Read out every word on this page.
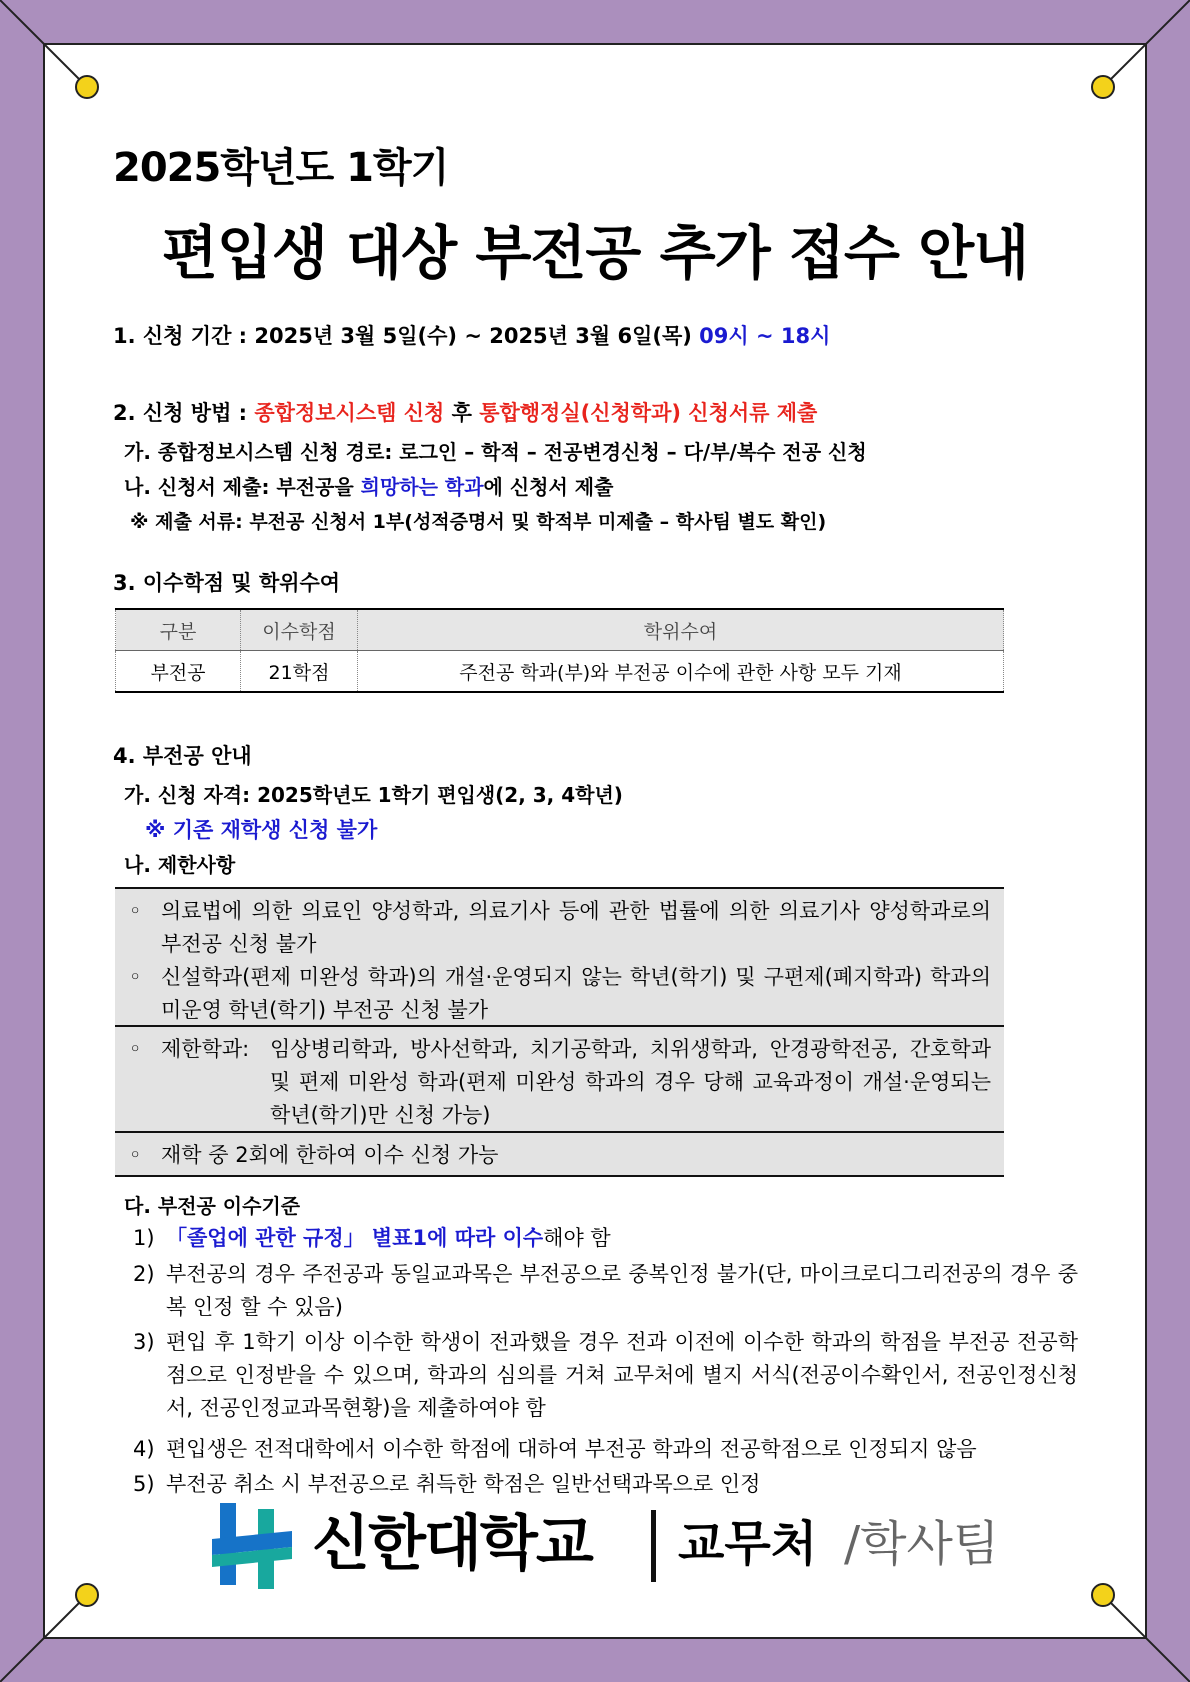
2025학년도 1학기
편입생 대상 부전공 추가 접수 안내
1. 신청 기간 : 2025년 3월 5일(수) ~ 2025년 3월 6일(목) 09시 ~ 18시
2. 신청 방법 : 종합정보시스템 신청 후 통합행정실(신청학과) 신청서류 제출
가. 종합정보시스템 신청 경로: 로그인 – 학적 – 전공변경신청 – 다/부/복수 전공 신청
나. 신청서 제출: 부전공을 희망하는 학과에 신청서 제출
※ 제출 서류: 부전공 신청서 1부(성적증명서 및 학적부 미제출 – 학사팀 별도 확인)
3. 이수학점 및 학위수여
구분	이수학점	학위수여
부전공	21학점	주전공 학과(부)와 부전공 이수에 관한 사항 모두 기재
4. 부전공 안내
가. 신청 자격: 2025학년도 1학기 편입생(2, 3, 4학년)
※ 기존 재학생 신청 불가
나. 제한사항
◦ 의료법에 의한 의료인 양성학과, 의료기사 등에 관한 법률에 의한 의료기사 양성학과로의 부전공 신청 불가
◦ 신설학과(편제 미완성 학과)의 개설·운영되지 않는 학년(학기) 및 구편제(폐지학과) 학과의 미운영 학년(학기) 부전공 신청 불가
◦ 제한학과: 임상병리학과, 방사선학과, 치기공학과, 치위생학과, 안경광학전공, 간호학과 및 편제 미완성 학과(편제 미완성 학과의 경우 당해 교육과정이 개설·운영되는 학년(학기)만 신청 가능)
◦ 재학 중 2회에 한하여 이수 신청 가능
다. 부전공 이수기준
1) 「졸업에 관한 규정」 별표1에 따라 이수해야 함
2) 부전공의 경우 주전공과 동일교과목은 부전공으로 중복인정 불가(단, 마이크로디그리전공의 경우 중복 인정 할 수 있음)
3) 편입 후 1학기 이상 이수한 학생이 전과했을 경우 전과 이전에 이수한 학과의 학점을 부전공 전공학점으로 인정받을 수 있으며, 학과의 심의를 거쳐 교무처에 별지 서식(전공이수확인서, 전공인정신청서, 전공인정교과목현황)을 제출하여야 함
4) 편입생은 전적대학에서 이수한 학점에 대하여 부전공 학과의 전공학점으로 인정되지 않음
5) 부전공 취소 시 부전공으로 취득한 학점은 일반선택과목으로 인정
신한대학교 교무처 /학사팀
